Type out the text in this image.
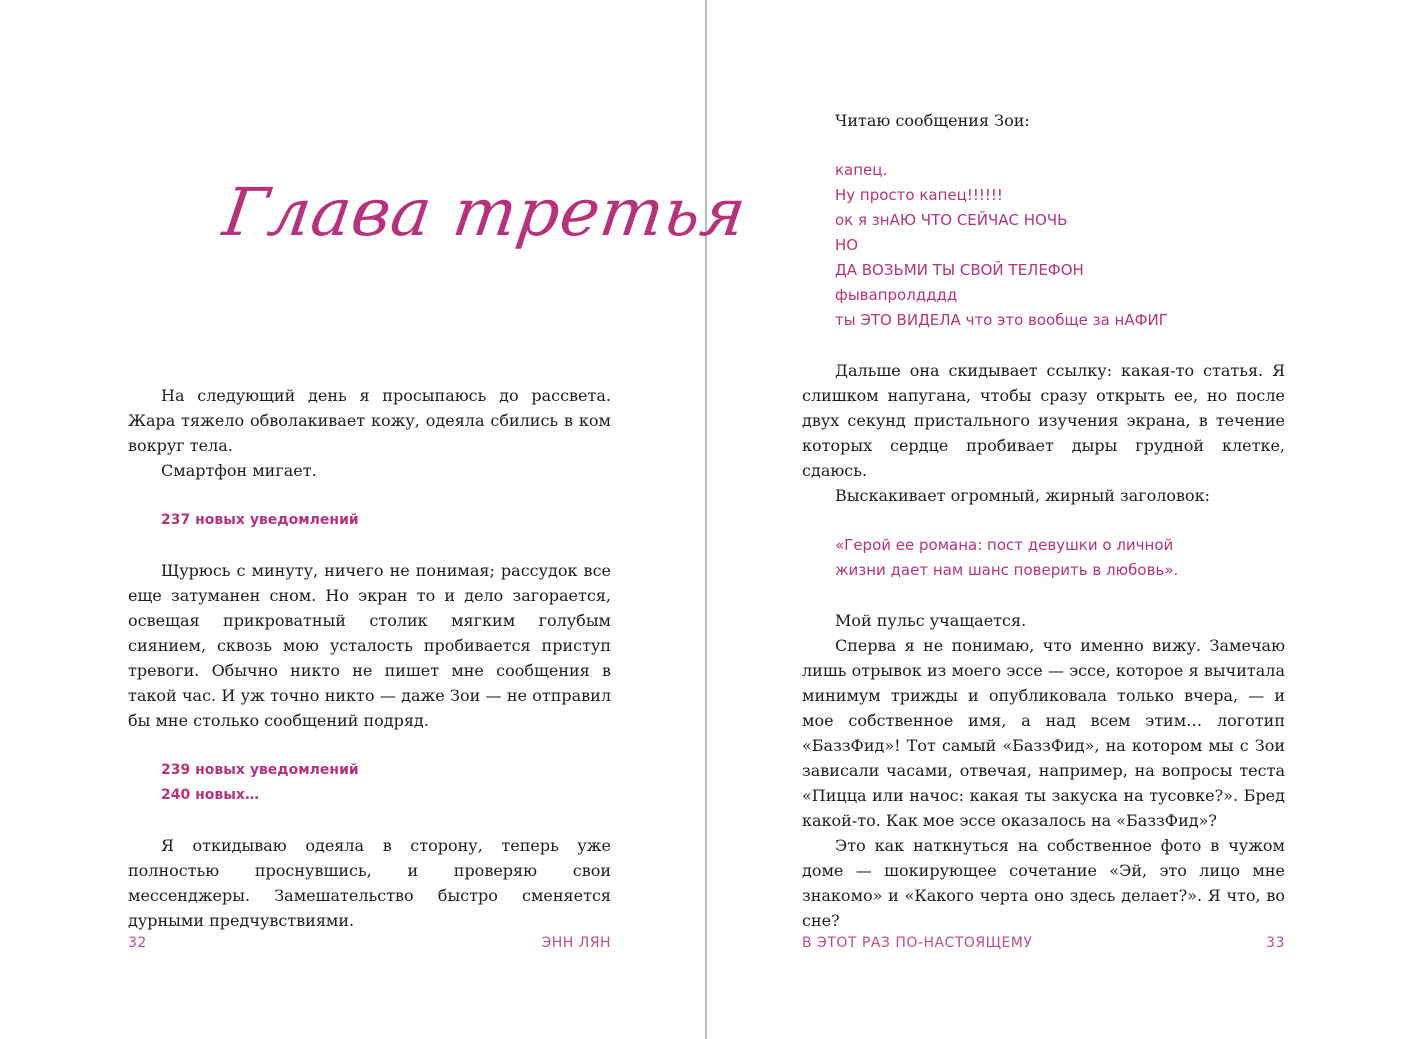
Глава третья

На следующий день я просыпаюсь до рассвета. Жара тяжело обволакивает кожу, одеяла сбились в ком вокруг тела.

Смартфон мигает.

237 новых уведомлений

Щурюсь с минуту, ничего не понимая; рассудок все еще затуманен сном. Но экран то и дело загорается, освещая прикроватный столик мягким голубым сиянием, сквозь мою усталость пробивается приступ тревоги. Обычно никто не пишет мне сообщения в такой час. И уж точно никто — даже Зои — не отправил бы мне столько сообщений подряд.

239 новых уведомлений

240 новых…

Я откидываю одеяла в сторону, теперь уже полностью проснувшись, и проверяю свои мессенджеры. Замешательство быстро сменяется дурными предчувствиями.

32	ЭНН ЛЯН

Читаю сообщения Зои:

капец.

Ну просто капец!!!!!!

ок я знАЮ ЧТО СЕЙЧАС НОЧЬ

НО

ДА ВОЗЬМИ ТЫ СВОЙ ТЕЛЕФОН

фывапролдддд

ты ЭТО ВИДЕЛА что это вообще за нАФИГ

Дальше она скидывает ссылку: какая-то статья. Я слишком напугана, чтобы сразу открыть ее, но после двух секунд пристального изучения экрана, в течение которых сердце пробивает дыры грудной клетке, сдаюсь.

Выскакивает огромный, жирный заголовок:

«Герой ее романа: пост девушки о личной

жизни дает нам шанс поверить в любовь».

Мой пульс учащается.

Сперва я не понимаю, что именно вижу. Замечаю лишь отрывок из моего эссе — эссе, которое я вычитала минимум трижды и опубликовала только вчера, — и мое собственное имя, а над всем этим… логотип «БаззФид»! Тот самый «БаззФид», на котором мы с Зои зависали часами, отвечая, например, на вопросы теста «Пицца или начос: какая ты закуска на тусовке?». Бред какой-то. Как мое эссе оказалось на «БаззФид»?

Это как наткнуться на собственное фото в чужом доме — шокирующее сочетание «Эй, это лицо мне знакомо» и «Какого черта оно здесь делает?». Я что, во сне?

В ЭТОТ РАЗ ПО-НАСТОЯЩЕМУ	33
